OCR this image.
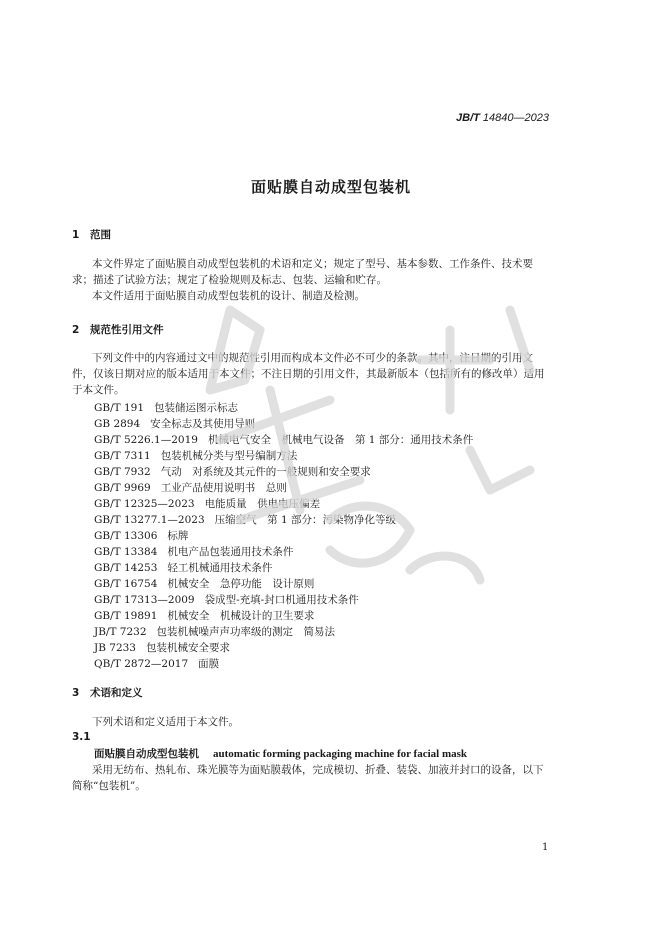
JB/T 14840—2023
面贴膜自动成型包装机
1 范围
本文件界定了面贴膜自动成型包装机的术语和定义；规定了型号、基本参数、工作条件、技术要求；描述了试验方法；规定了检验规则及标志、包装、运输和贮存。
本文件适用于面贴膜自动成型包装机的设计、制造及检测。
2 规范性引用文件
下列文件中的内容通过文中的规范性引用而构成本文件必不可少的条款。其中，注日期的引用文件，仅该日期对应的版本适用于本文件；不注日期的引用文件，其最新版本（包括所有的修改单）适用于本文件。
GB/T 191 包装储运图示标志
GB 2894 安全标志及其使用导则
GB/T 5226.1—2019 机械电气安全　机械电气设备　第 1 部分：通用技术条件
GB/T 7311 包装机械分类与型号编制方法
GB/T 7932 气动　对系统及其元件的一般规则和安全要求
GB/T 9969 工业产品使用说明书　总则
GB/T 12325—2023 电能质量　供电电压偏差
GB/T 13277.1—2023 压缩空气　第 1 部分：污染物净化等级
GB/T 13306 标牌
GB/T 13384 机电产品包装通用技术条件
GB/T 14253 轻工机械通用技术条件
GB/T 16754 机械安全　急停功能　设计原则
GB/T 17313—2009 袋成型-充填-封口机通用技术条件
GB/T 19891 机械安全　机械设计的卫生要求
JB/T 7232 包装机械噪声声功率级的测定　简易法
JB 7233 包装机械安全要求
QB/T 2872—2017 面膜
3 术语和定义
下列术语和定义适用于本文件。
3.1
面贴膜自动成型包装机 automatic forming packaging machine for facial mask
采用无纺布、热轧布、珠光膜等为面贴膜载体，完成模切、折叠、装袋、加液并封口的设备，以下简称“包装机”。
1
